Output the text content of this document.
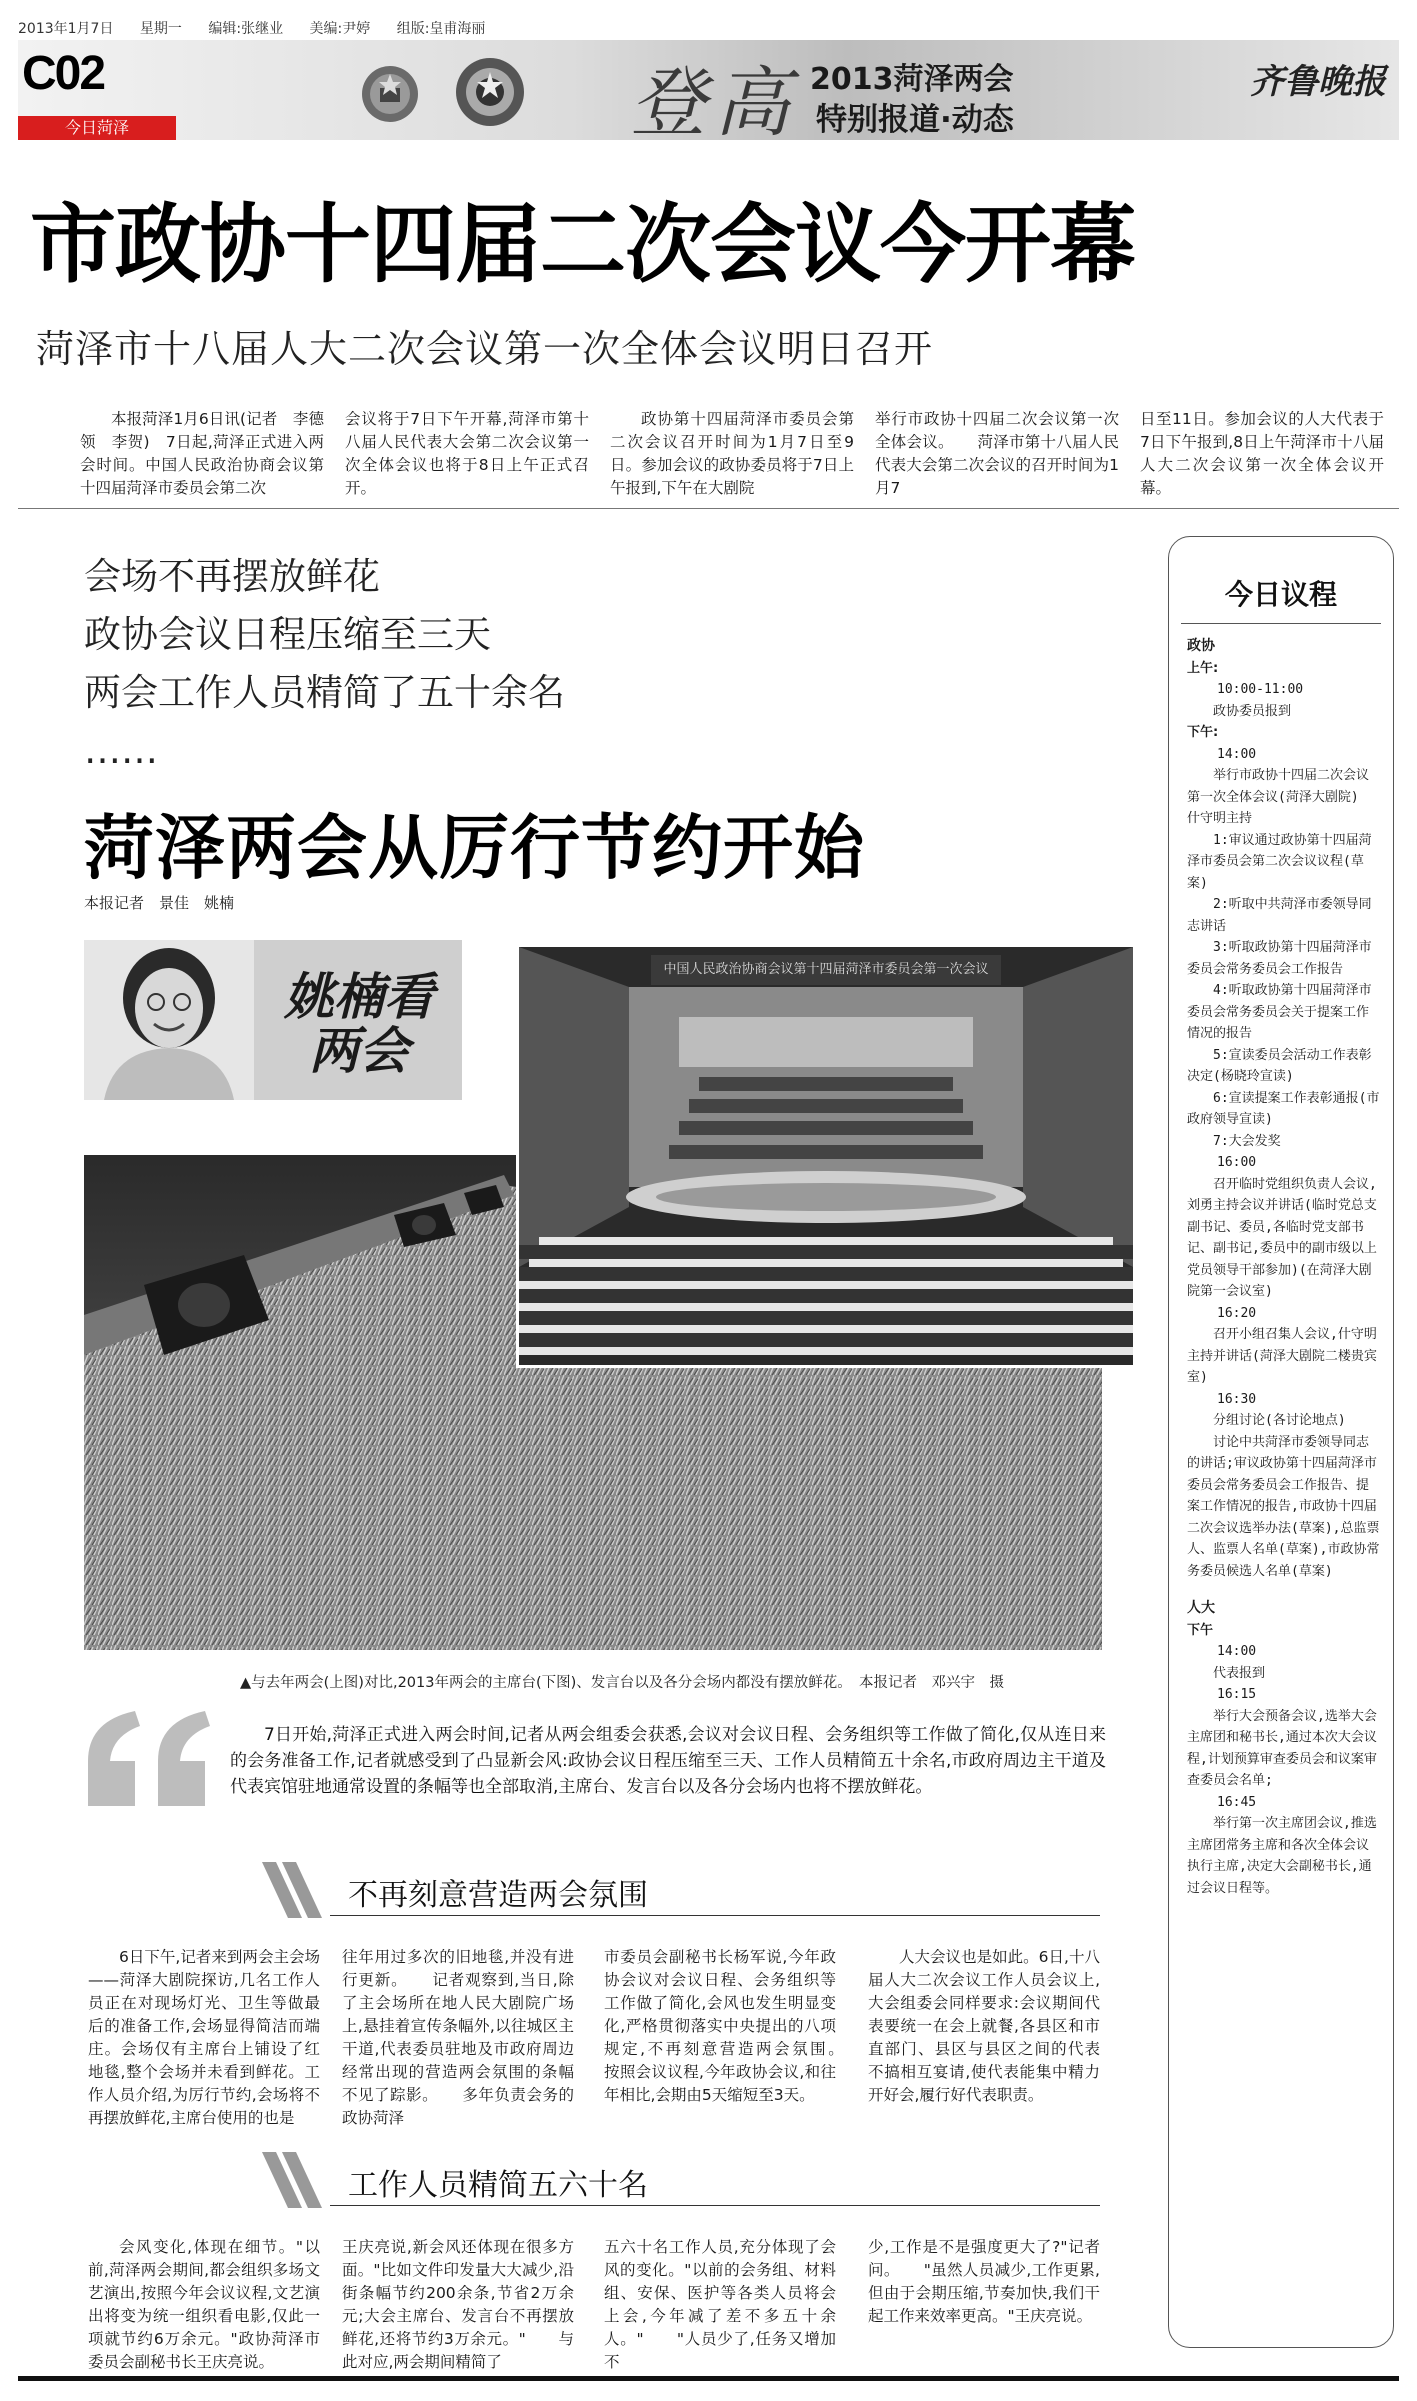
2013年1月7日 星期一 编辑:张继业 美编:尹婷 组版:皇甫海丽
C02
今日菏泽	登高 2013菏泽两会
特别报道·动态
齐鲁晚报
市政协十四届二次会议今开幕
菏泽市十八届人大二次会议第一次全体会议明日召开

本报菏泽1月6日讯(记者　李德领　李贺)　7日起,菏泽正式进入两会时间。中国人民政治协商会议第十四届菏泽市委员会第二次

会议将于7日下午开幕,菏泽市第十八届人民代表大会第二次会议第一次全体会议也将于8日上午正式召开。

政协第十四届菏泽市委员会第二次会议召开时间为1月7日至9日。参加会议的政协委员将于7日上午报到,下午在大剧院

举行市政协十四届二次会议第一次全体会议。　　菏泽市第十八届人民代表大会第二次会议的召开时间为1月7

日至11日。参加会议的人大代表于7日下午报到,8日上午菏泽市十八届人大二次会议第一次全体会议开幕。

会场不再摆放鲜花
政协会议日程压缩至三天
两会工作人员精简了五十余名
……
菏泽两会从厉行节约开始
本报记者　景佳　姚楠
姚楠看两会
中国人民政治协商会议第十四届菏泽市委员会第一次会议
▲与去年两会(上图)对比,2013年两会的主席台(下图)、发言台以及各分会场内都没有摆放鲜花。　本报记者　邓兴宇　摄

7日开始,菏泽正式进入两会时间,记者从两会组委会获悉,会议对会议日程、会务组织等工作做了简化,仅从连日来的会务准备工作,记者就感受到了凸显新会风:政协会议日程压缩至三天、工作人员精简五十余名,市政府周边主干道及代表宾馆驻地通常设置的条幅等也全部取消,主席台、发言台以及各分会场内也将不摆放鲜花。

不再刻意营造两会氛围

6日下午,记者来到两会主会场——菏泽大剧院探访,几名工作人员正在对现场灯光、卫生等做最后的准备工作,会场显得简洁而端庄。会场仅有主席台上铺设了红地毯,整个会场并未看到鲜花。工作人员介绍,为厉行节约,会场将不再摆放鲜花,主席台使用的也是

往年用过多次的旧地毯,并没有进行更新。　　记者观察到,当日,除了主会场所在地人民大剧院广场上,悬挂着宣传条幅外,以往城区主干道,代表委员驻地及市政府周边经常出现的营造两会氛围的条幅不见了踪影。　　多年负责会务的政协菏泽

市委员会副秘书长杨军说,今年政协会议对会议日程、会务组织等工作做了简化,会风也发生明显变化,严格贯彻落实中央提出的八项规定,不再刻意营造两会氛围。　　按照会议议程,今年政协会议,和往年相比,会期由5天缩短至3天。

人大会议也是如此。6日,十八届人大二次会议工作人员会议上,大会组委会同样要求:会议期间代表要统一在会上就餐,各县区和市直部门、县区与县区之间的代表不搞相互宴请,使代表能集中精力开好会,履行好代表职责。

工作人员精简五六十名

会风变化,体现在细节。"以前,菏泽两会期间,都会组织多场文艺演出,按照今年会议议程,文艺演出将变为统一组织看电影,仅此一项就节约6万余元。"政协菏泽市委员会副秘书长王庆亮说。

王庆亮说,新会风还体现在很多方面。"比如文件印发量大大减少,沿街条幅节约200余条,节省2万余元;大会主席台、发言台不再摆放鲜花,还将节约3万余元。"　　与此对应,两会期间精简了

五六十名工作人员,充分体现了会风的变化。"以前的会务组、材料组、安保、医护等各类人员将会上会,今年减了差不多五十余人。"　　"人员少了,任务又增加不

少,工作是不是强度更大了?"记者问。　　"虽然人员减少,工作更累,但由于会期压缩,节奏加快,我们干起工作来效率更高。"王庆亮说。

今日议程
政协
上午:
10:00-11:00
政协委员报到
下午:
14:00
举行市政协十四届二次会议第一次全体会议(菏泽大剧院)　什守明主持
1:审议通过政协第十四届菏泽市委员会第二次会议议程(草案)
2:听取中共菏泽市委领导同志讲话
3:听取政协第十四届菏泽市委员会常务委员会工作报告
4:听取政协第十四届菏泽市委员会常务委员会关于提案工作情况的报告
5:宣读委员会活动工作表彰决定(杨晓玲宣读)
6:宣读提案工作表彰通报(市政府领导宣读)
7:大会发奖
16:00
召开临时党组织负责人会议,刘勇主持会议并讲话(临时党总支副书记、委员,各临时党支部书记、副书记,委员中的副市级以上党员领导干部参加)(在菏泽大剧院第一会议室)
16:20
召开小组召集人会议,什守明主持并讲话(菏泽大剧院二楼贵宾室)
16:30
分组讨论(各讨论地点)
讨论中共菏泽市委领导同志的讲话;审议政协第十四届菏泽市委员会常务委员会工作报告、提案工作情况的报告,市政协十四届二次会议选举办法(草案),总监票人、监票人名单(草案),市政协常务委员候选人名单(草案)
人大
下午
14:00
代表报到
16:15
举行大会预备会议,选举大会主席团和秘书长,通过本次大会议程,计划预算审查委员会和议案审查委员会名单;
16:45
举行第一次主席团会议,推选主席团常务主席和各次全体会议执行主席,决定大会副秘书长,通过会议日程等。
